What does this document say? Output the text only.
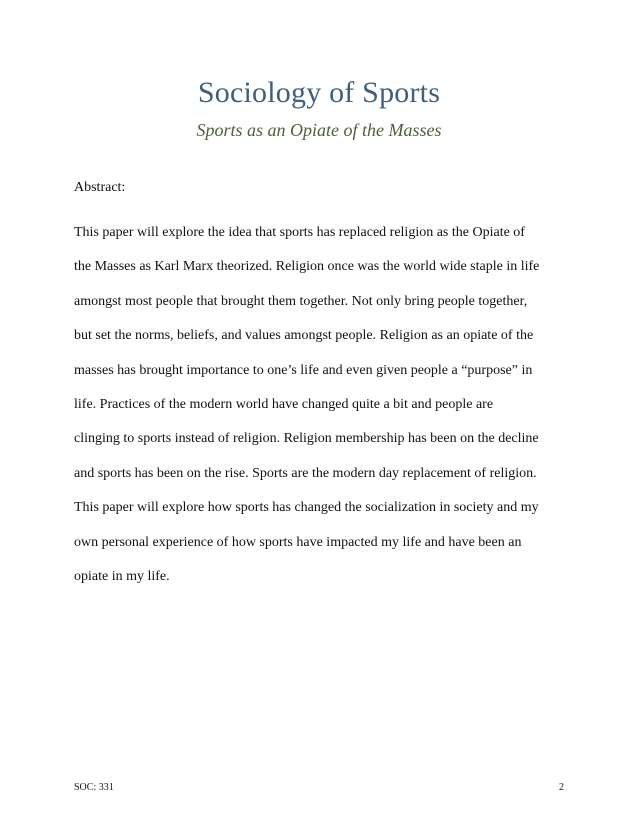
Sociology of Sports
Sports as an Opiate of the Masses
Abstract:
This paper will explore the idea that sports has replaced religion as the Opiate of
the Masses as Karl Marx theorized. Religion once was the world wide staple in life
amongst most people that brought them together. Not only bring people together,
but set the norms, beliefs, and values amongst people. Religion as an opiate of the
masses has brought importance to one’s life and even given people a “purpose” in
life. Practices of the modern world have changed quite a bit and people are
clinging to sports instead of religion. Religion membership has been on the decline
and sports has been on the rise. Sports are the modern day replacement of religion.
This paper will explore how sports has changed the socialization in society and my
own personal experience of how sports have impacted my life and have been an
opiate in my life.
SOC: 331	2
